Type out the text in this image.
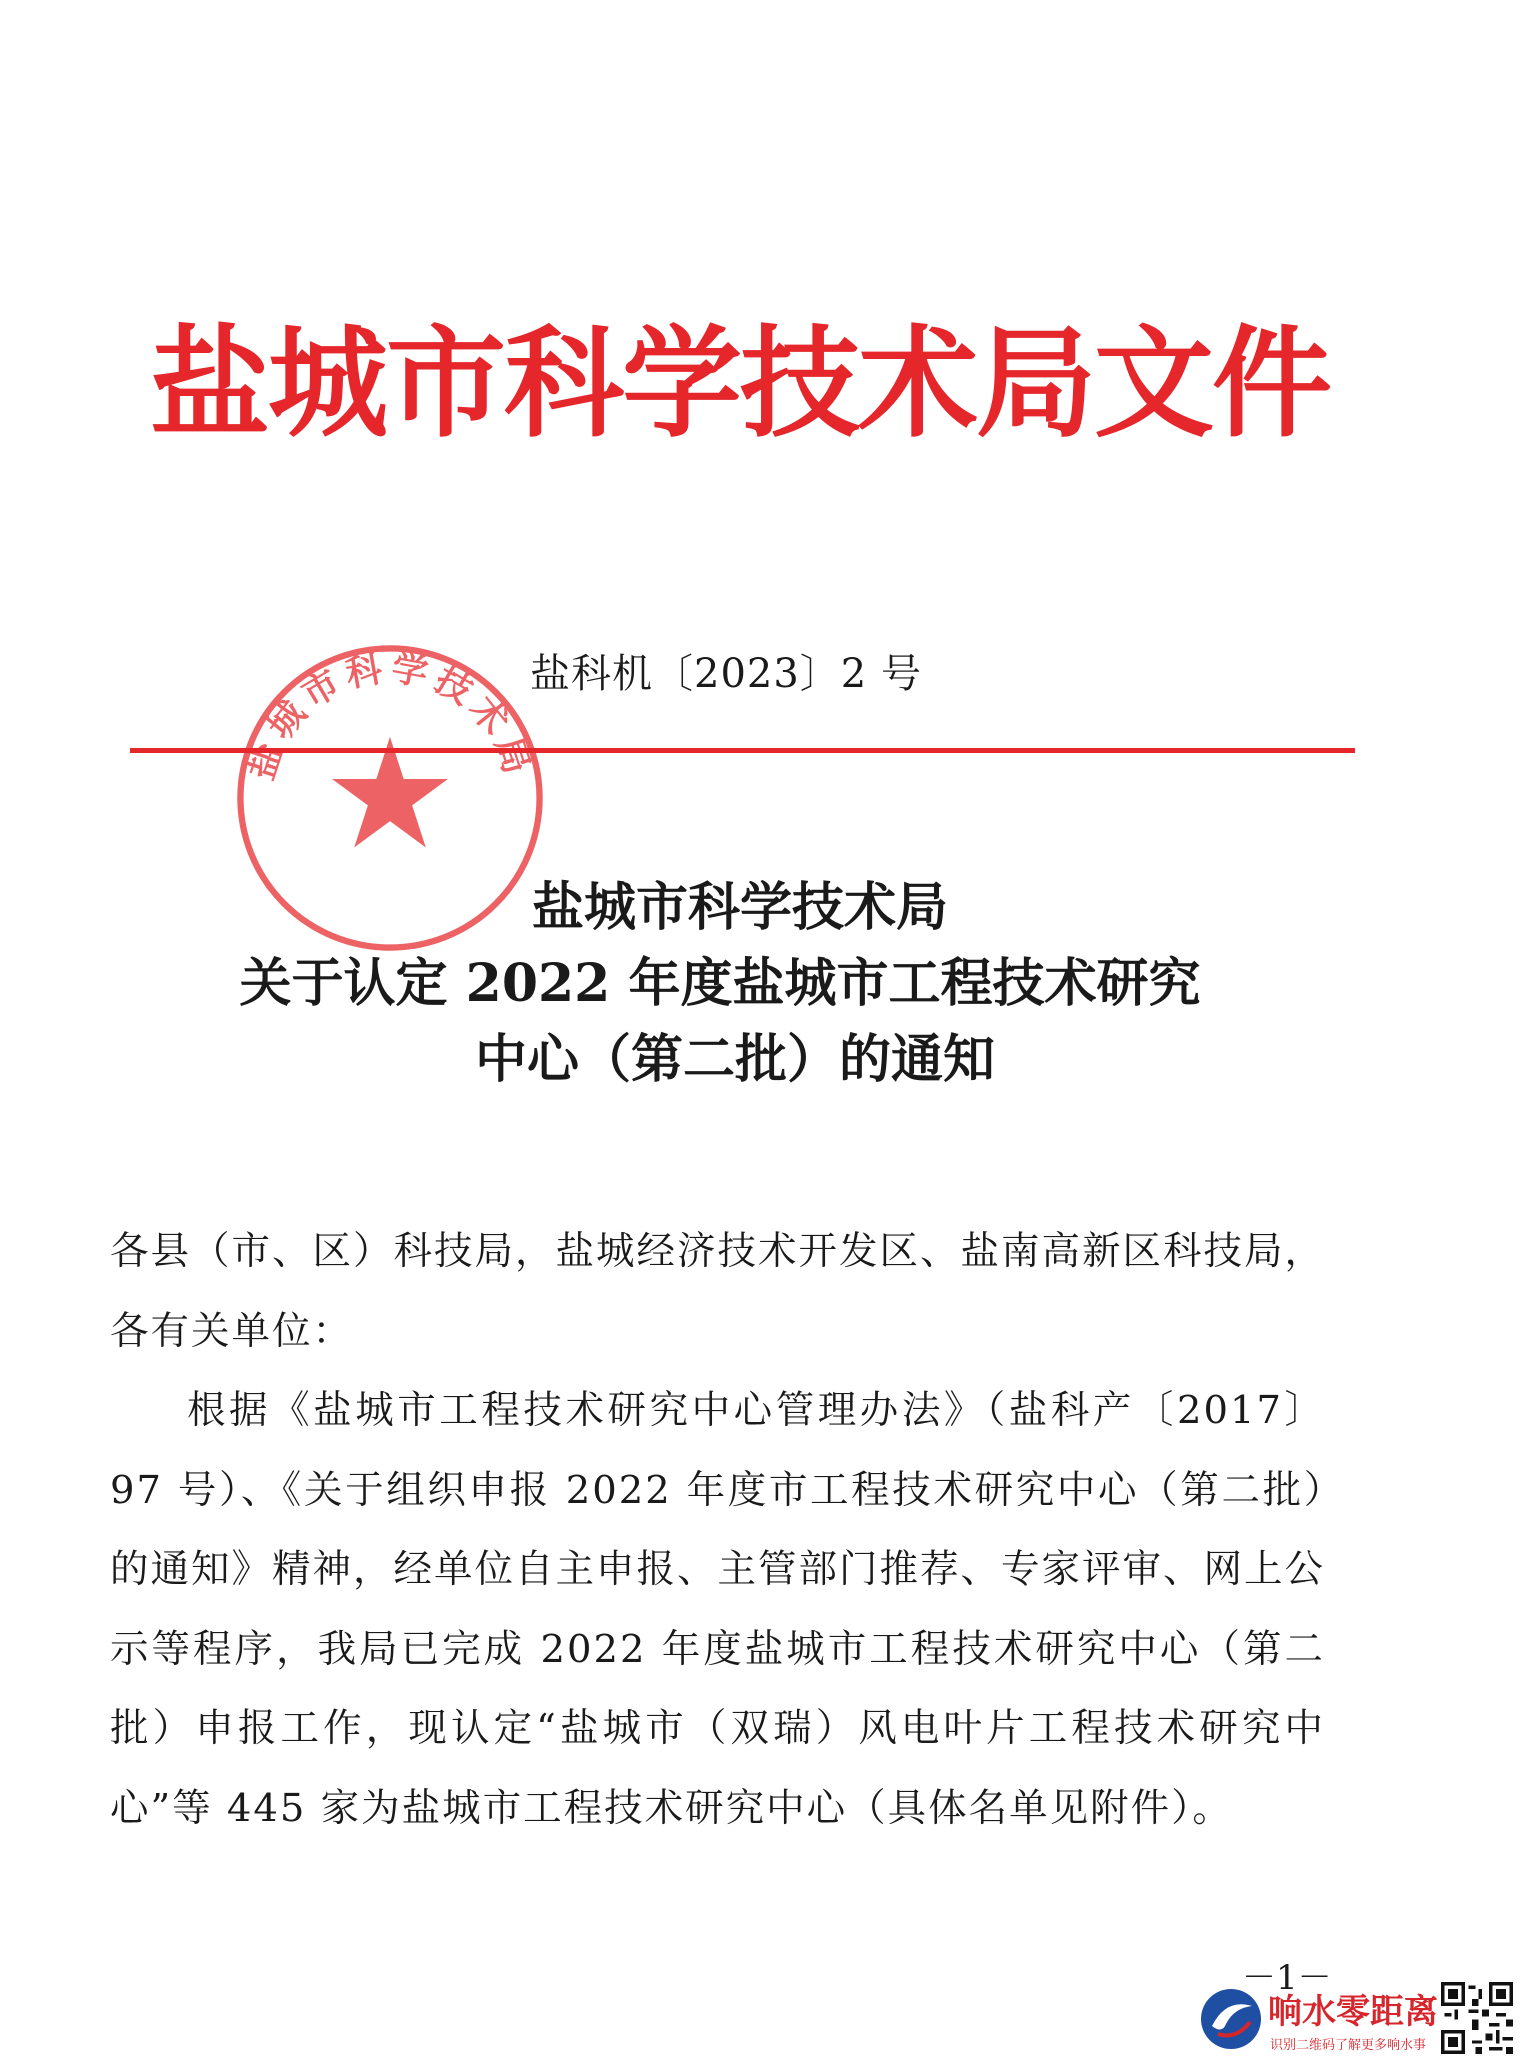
盐城市科学技术局文件
盐科机〔2023〕2 号
盐城市科学技术局
盐城市科学技术局
关于认定 2022 年度盐城市工程技术研究
中心（第二批）的通知

各县（市、区）科技局，盐城经济技术开发区、盐南高新区科技局，各有关单位：

根据《盐城市工程技术研究中心管理办法》（盐科产〔2017〕97 号）、《关于组织申报 2022 年度市工程技术研究中心（第二批）的通知》精神，经单位自主申报、主管部门推荐、专家评审、网上公示等程序，我局已完成 2022 年度盐城市工程技术研究中心（第二批）申报工作，现认定“盐城市（双瑞）风电叶片工程技术研究中心”等 445 家为盐城市工程技术研究中心（具体名单见附件）。

－1－
响水零距离
识别二维码了解更多响水事
